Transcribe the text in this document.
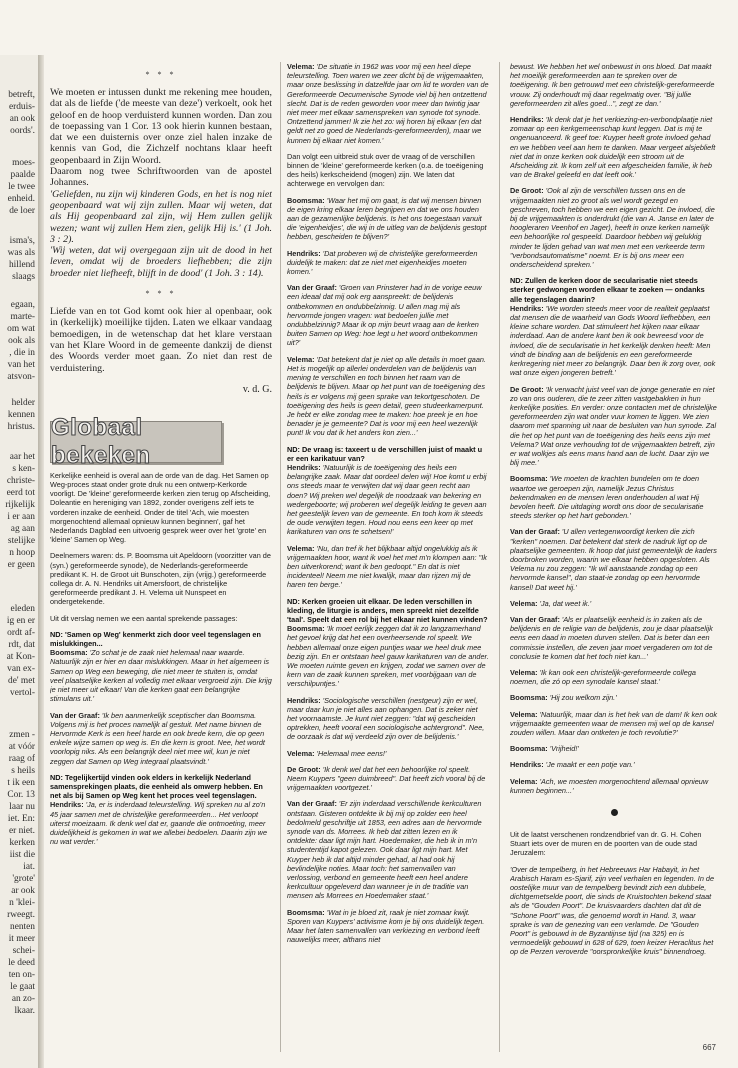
betreft,
erduis-
an ook
oords'.
moes-
paalde
le twee
enheid.
de loer
isma's,
was als
hillend
slaags
egaan,
marte-
om wat
ook als
, die in
van het
atsvon-
helder
kennen
hristus.
aar het
s ken-
christe-
eerd tot
rijkelijk
i er aan
ag aan
stelijke
n hoop
er geen
eleden
ig en er
ordt af-
rdt, dat
at Kon-
van ex-
de' met
vertol-
zmen -
at vóór
raag of
s heils
t ik een
Cor. 13
laar nu
iet. En:
er niet.
kerken
iist die
iat.
'grote'
ar ook
n 'klei-
rweegt.
nenten
it meer
schei-
le deed
ten on-
le gaat
an zo-
lkaar.
* * *

We moeten er intussen dunkt me rekening mee houden, dat als de liefde ('de meeste van deze') verkoelt, ook het geloof en de hoop verduisterd kunnen worden. Dan zou de toepassing van 1 Cor. 13 ook hierin kunnen bestaan, dat we een duisternis over onze ziel halen inzake de kennis van God, die Zichzelf nochtans klaar heeft geopenbaard in Zijn Woord.

Daarom nog twee Schriftwoorden van de apostel Johannes.

'Geliefden, nu zijn wij kinderen Gods, en het is nog niet geopenbaard wat wij zijn zullen. Maar wij weten, dat als Hij geopenbaard zal zijn, wij Hem zullen gelijk wezen; want wij zullen Hem zien, gelijk Hij is.' (1 Joh. 3 : 2).

'Wij weten, dat wij overgegaan zijn uit de dood in het leven, omdat wij de broeders liefhebben; die zijn broeder niet liefheeft, blijft in de dood' (1 Joh. 3 : 14).

* * *

Liefde van en tot God komt ook hier al openbaar, ook in (kerkelijk) moeilijke tijden. Laten we elkaar vandaag bemoedigen, in de wetenschap dat het klare verstaan van het Klare Woord in de gemeente dankzij de dienst des Woords verder moet gaan. Zo niet dan rest de verduistering.

v. d. G.
Globaal bekeken

Kerkelijke eenheid is overal aan de orde van de dag. Het Samen op Weg-proces staat onder grote druk nu een ontwerp-Kerkorde voorligt. De 'kleine' gereformeerde kerken zien terug op Afscheiding, Doleantie en hereniging van 1892, zonder overigens zelf iets te vorderen inzake de eenheid. Onder de titel 'Ach, wie moesten morgenochtend allemaal opnieuw kunnen beginnen', gaf het Nederlands Dagblad een uitvoerig gesprek weer over het 'grote' en 'kleine' Samen op Weg.

Deelnemers waren: ds. P. Boomsma uit Apeldoorn (voorzitter van de (syn.) gereformeerde synode), de Nederlands-gereformeerde predikant K. H. de Groot uit Bunschoten, zijn (vrijg.) gereformeerde collega dr. A. N. Hendriks uit Amersfoort, de christelijke gereformeerde predikant J. H. Velema uit Nunspeet en ondergetekende.

Uit dit verslag nemen we een aantal sprekende passages:

ND: 'Samen op Weg' kenmerkt zich door veel tegenslagen en mislukkingen...

Boomsma: 'Zo schat je de zaak niet helemaal naar waarde. Natuurlijk zijn er hier en daar mislukkingen. Maar in het algemeen is Samen op Weg een beweging, die niet meer te stuiten is, omdat veel plaatselijke kerken al volledig met elkaar vergroeid zijn. Die krijg je niet meer uit elkaar! Van die kerken gaat een belangrijke stimulans uit.'

Van der Graaf: 'Ik ben aanmerkelijk sceptischer dan Boomsma. Volgens mij is het proces namelijk al gestuit. Met name binnen de Hervormde Kerk is een heel harde en ook brede kern, die op geen enkele wijze samen op weg is. En die kern is groot. Nee, het wordt voorlopig niks. Als een belangrijk deel niet mee wil, kun je niet zeggen dat Samen op Weg integraal plaatsvindt.'

ND: Tegelijkertijd vinden ook elders in kerkelijk Nederland samensprekingen plaats, die eenheid als omwerp hebben. En net als bij Samen op Weg kent het proces veel tegenslagen.

Hendriks: 'Ja, er is inderdaad teleurstelling. Wij spreken nu al zo'n 45 jaar samen met de christelijke gereformeerden... Het verloopt uiterst moeizaam. Ik denk wel dat er, gaande die ontmoeting, meer duidelijkheid is gekomen in wat we allebei bedoelen. Daarin zijn we nu wat verder.'

Velema: 'De situatie in 1962 was voor mij een heel diepe teleurstelling. Toen waren we zeer dicht bij de vrijgemaakten, maar onze beslissing in datzelfde jaar om lid te worden van de Gereformeerde Oecumenische Synode viel bij hen ontzettend slecht. Dat is de reden geworden voor meer dan twintig jaar niet meer met elkaar samenspreken van synode tot synode. Ontzettend jammer! Ik zie het zo: wij horen bij elkaar (en dat geldt net zo goed de Nederlands-gereformeerden), maar we kunnen bij elkaar niet komen.'

Dan volgt een uitbreid stuk over de vraag of de verschillen binnen de 'kleine' gereformeerde kerken (o.a. de toeëigening des heils) kerkscheidend (mogen) zijn. We laten dat achterwege en vervolgen dan:

Boomsma: 'Waar het mij om gaat, is dat wij mensen binnen de eigen kring elkaar leren begrijpen en dat we ons houden aan de gezamenlijke belijdenis. Is het ons toegestaan vanuit die 'eigenheidjes', die wij in de uitleg van de belijdenis gestopt hebben, gescheiden te blijven?'

Hendriks: 'Dat proberen wij de christelijke gereformeerden duidelijk te maken: dat ze niet met eigenheidjes moeten komen.'

Van der Graaf: 'Groen van Prinsterer had in de vorige eeuw een ideaal dat mij ook erg aanspreekt: de belijdenis ontbekommen en ondubbelzinnig. U allen mag mij als hervormde jongen vragen: wat bedoelen jullie met ondubbelzinnig? Maar ik op mijn beurt vraag aan de kerken buiten Samen op Weg: hoe legt u het woord ontbekommen uit?'

Velema: 'Dat betekent dat je niet op alle details in moet gaan. Het is mogelijk op allerlei onderdelen van de belijdenis van mening te verschillen en toch binnen het raam van de belijdenis te blijven. Maar op het punt van de toeëigening des heils is er volgens mij geen sprake van tekortgeschoten. De toeëigening des heils is geen detail, geen studeerkamerpunt. Je hebt er elke zondag mee te maken: hoe preek je en hoe benader je je gemeente? Dat is voor mij een heel wezenlijk punt! Ik vou dat ik het anders kon zien...'

ND: De vraag is: taxeert u de verschillen juist of maakt u er een karikatuur van?

Hendriks: 'Natuurlijk is de toeëigening des heils een belangrijke zaak. Maar dat oordeel delen wij! Hoe komt u erbij ons steeds maar te verwijten dat wij daar geen recht aan doen? Wij preken wel degelijk de noodzaak van bekering en wedergeboorte; wij proberen wel degelijk leiding te geven aan het geestelijk leven van de gemeente. En toch kom ik steeds de oude verwijten tegen. Houd nou eens een keer op met karikaturen van ons te schetsen!'

Velema: 'Nu, dan tref ik het blijkbaar altijd ongelukkig als ik vrijgemaakten hoor, want ik voel het met m'n klompen aan: "Ik ben uitverkorend; want ik ben gedoopt." En dat is niet incidenteel! Neem me niet kwalijk, maar dan rijzen mij de haren ten berge.'

ND: Kerken groeien uit elkaar. De leden verschillen in kleding, de liturgie is anders, men spreekt niet dezelfde 'taal'. Speelt dat een rol bij het elkaar niet kunnen vinden?

Boomsma: 'Ik moet eerlijk zeggen dat ik zo langzamerhand het gevoel krijg dat het een overheersende rol speelt. We hebben allemaal onze eigen puntjes waar we heel druk mee bezig zijn. En er ontstaan heel gauw karikaturen van de ander. We moeten ruimte geven en krijgen, zodat we samen over de kern van de zaak kunnen spreken, met voorbijgaan van de verschilpuntjes.'

Hendriks: 'Sociologische verschillen (nestgeur) zijn er wel, maar daar kun je niet alles aan ophangen. Dat is zeker niet het voornaamste. Je kunt niet zeggen: "dat wij gescheiden optrekken, heeft vooral een sociologische achtergrond". Nee, de oorzaak is dat wij verdeeld zijn over de belijdenis.'

Velema: 'Helemaal mee eens!'

De Groot: 'Ik denk wel dat het een behoorlijke rol speelt. Neem Kuypers "geen duimbreed". Dat heeft zich vooral bij de vrijgemaakten voortgezet.'

Van der Graaf: 'Er zijn inderdaad verschillende kerkculturen ontstaan. Gisteren ontdekte ik bij mij op zolder een heel bedolmeld geschriftje uit 1853, een adres aan de hervormde synode van ds. Morrees. Ik heb dat zitten lezen en ik ontdekte: daar ligt mijn hart. Hoedemaker, die heb ik in m'n studententijd kapot gelezen. Ook daar ligt mijn hart. Met Kuyper heb ik dat altijd minder gehad, al had ook hij bevlindelijke noties. Maar toch: het samenvallen van verlossing, verbond en gemeente heeft een heel andere kerkcultuur opgeleverd dan wanneer je in de traditie van mensen als Morrees en Hoedemaker staat.'

Boomsma: 'Wat in je bloed zit, raak je niet zomaar kwijt. Sporen van Kuypers' activisme kom je bij ons duidelijk tegen. Maar het laten samenvallen van verkiezing en verbond leeft nauwelijks meer, althans niet

bewust. We hebben het wel onbewust in ons bloed. Dat maakt het moeilijk gereformeerden aan te spreken over de toeëigening. Ik ben getrouwd met een christelijk-gereformeerde vrouw. Zij onderhoudt mij daar regelmatig over. "Bij jullie gereformeerden zit alles goed...", zegt ze dan.'

Hendriks: 'Ik denk dat je het verkiezing-en-verbondplaatje niet zomaar op een kerkgemeenschap kunt leggen. Dat is mij te ongenuanceerd. Ik geef toe: Kuyper heeft grote invloed gehad en we hebben veel aan hem te danken. Maar vergeet alsjeblieft niet dat in onze kerken ook duidelijk een stroom uit de Afscheiding zit. Ik kom zelf uit een afgescheiden familie, ik heb van de Brakel geleefd en dat leeft ook.'

De Groot: 'Ook al zijn de verschillen tussen ons en de vrijgemaakten niet zo groot als wel wordt gezegd en geschreven, toch hebben we een eigen gezicht. De invloed, die bij de vrijgemaakten is onderdrukt (die van A. Janse en later de hoogleraren Veenhof en Jager), heeft in onze kerken namelijk een behoorlijke rol gespeeld. Daardoor hebben wij gelukkig minder te lijden gehad van wat men met een verkeerde term "verbondsautomatisme" noemt. Er is bij ons meer een onderscheidend spreken.'

ND: Zullen de kerken door de secularisatie niet steeds sterker gedwongen worden elkaar te zoeken — ondanks alle tegenslagen daarin?

Hendriks: 'We worden steeds meer voor de realiteit geplaatst dat mensen die de waarheid van Gods Woord liefhebben, een kleine schare worden. Dat stimuleert het kijken naar elkaar inderdaad. Aan de andere kant ben ik ook bevreesd voor de invloed, die de secularisatie in het kerkelijk denken heeft: Men vindt de binding aan de belijdenis en een gereformeerde kerkregering niet meer zo belangrijk. Daar ben ik zorg over, ook wat onze eigen jongeren betreft.'

De Groot: 'Ik verwacht juist veel van de jonge generatie en niet zo van ons ouderen, die te zeer zitten vastgebakken in hun kerkelijke posities. En verder: onze contacten met de christelijke gereformeerden zijn wat onder vuur komen te liggen. We zien daarom met spanning uit naar de besluiten van hun synode. Zal die het op het punt van de toeëigening des heils eens zijn met Velema? Wat onze verhouding tot de vrijgemaakten betreft, zijn er wat wolkjes als eens mans hand aan de lucht. Daar zijn we blij mee.'

Boomsma: 'We moeten de krachten bundelen om te doen waartoe we geroepen zijn, namelijk Jezus Christus bekendmaken en de mensen leren onderhouden al wat Hij bevolen heeft. Die uitdaging wordt ons door de secularisatie steeds sterker op het hart gebonden.'

Van der Graaf: 'U allen vertegenwoordigt kerken die zich "kerken" noemen. Dat betekent dat sterk de nadruk ligt op de plaatselijke gemeenten. Ik hoop dat juist gemeentelijk de kaders doorbroken worden, waarin we elkaar hebben opgesloten. Als Velema nu zou zeggen: "Ik wil aanstaande zondag op een hervormde kansel", dan staat-ie zondag op een hervormde kansel! Dat weet hij.'

Velema: 'Ja, dat weet ik.'

Van der Graaf: 'Als er plaatselijk eenheid is in zaken als de belijdenis en de religie van de belijdenis, zou je daar plaatselijk eens een daad in moeten durven stellen. Dat is beter dan een commissie instellen, die zeven jaar moet vergaderen om tot de conclusie te komen dat het toch niet kan...'

Velema: 'Ik kan ook een christelijk-gereformeerde collega noemen, die zó op een synodale kansel staat.'

Boomsma: 'Hij zou welkom zijn.'

Velema: 'Natuurlijk, maar dan is het hek van de dam! Ik ken ook vrijgemaakte gemeenten waar de mensen mij wel op de kansel zouden willen. Maar dan ontketen je toch revolutie?'

Boomsma: 'Vrijheid!'

Hendriks: 'Je maakt er een potje van.'

Velema: 'Ach, we moesten morgenochtend allemaal opnieuw kunnen beginnen...'

Uit de laatst verschenen rondzendbrief van dr. G. H. Cohen Stuart iets over de muren en de poorten van de oude stad Jeruzalem:

'Over de tempelberg, in het Hebreeuws Har Habayit, in het Arabisch Haram es-Sjarif, zijn veel verhalen en legenden. In de oostelijke muur van de tempelberg bevindt zich een dubbele, dichtgemetselde poort, die sinds de Kruistochten bekend staat als de "Gouden Poort". De kruisvaarders dachten dat dit de "Schone Poort" was, die genoemd wordt in Hand. 3, waar sprake is van de genezing van een verlamde. De "Gouden Poort" is gebouwd in de Byzantijnse tijd (na 325) en is vermoedelijk gebouwd in 628 of 629, toen keizer Heraclitus het op de Perzen veroverde "oorspronkelijke kruis" binnendroeg.

667
